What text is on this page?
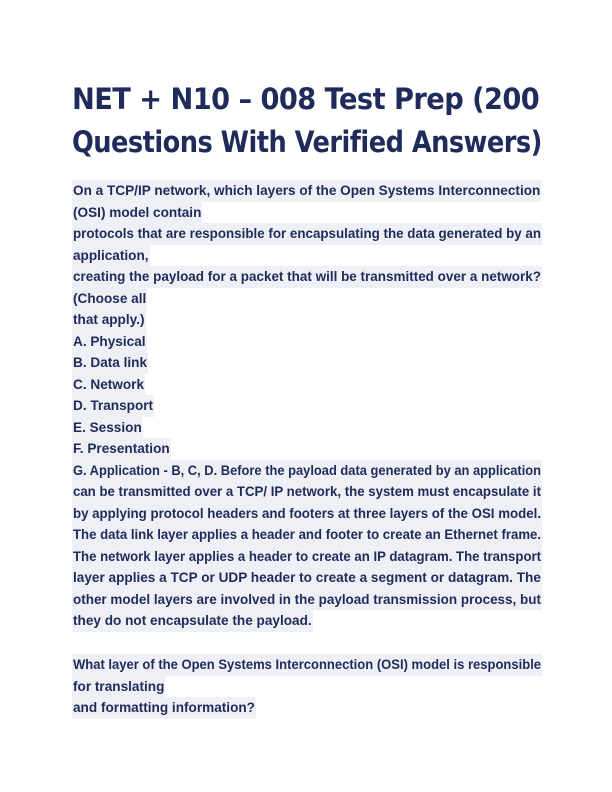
NET + N10 – 008 Test Prep (200
Questions With Verified Answers)
On a TCP/IP network, which layers of the Open Systems Interconnection
(OSI) model contain
protocols that are responsible for encapsulating the data generated by an
application,
creating the payload for a packet that will be transmitted over a network?
(Choose all
that apply.)
A. Physical
B. Data link
C. Network
D. Transport
E. Session
F. Presentation
G. Application - B, C, D. Before the payload data generated by an application
can be transmitted over a TCP/ IP network, the system must encapsulate it
by applying protocol headers and footers at three layers of the OSI model.
The data link layer applies a header and footer to create an Ethernet frame.
The network layer applies a header to create an IP datagram. The transport
layer applies a TCP or UDP header to create a segment or datagram. The
other model layers are involved in the payload transmission process, but
they do not encapsulate the payload.
What layer of the Open Systems Interconnection (OSI) model is responsible
for translating
and formatting information?
